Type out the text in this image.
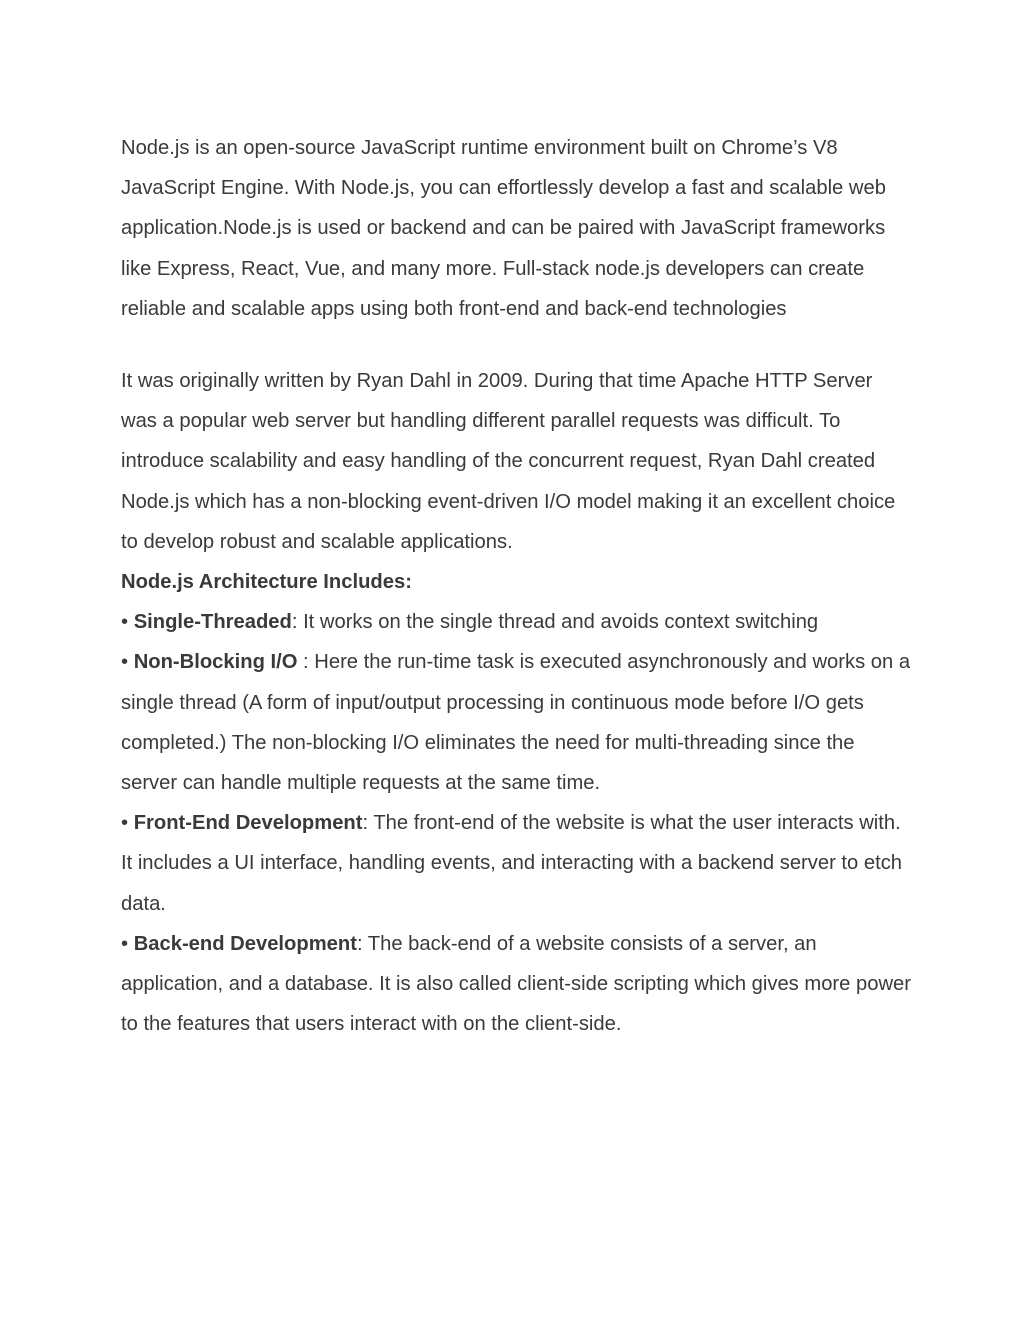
Node.js is an open-source JavaScript runtime environment built on Chrome’s V8 JavaScript Engine. With Node.js, you can effortlessly develop a fast and scalable web application.Node.js is used or backend and can be paired with JavaScript frameworks like Express, React, Vue, and many more. Full-stack node.js developers can create reliable and scalable apps using both front-end and back-end technologies

It was originally written by Ryan Dahl in 2009. During that time Apache HTTP Server was a popular web server but handling different parallel requests was difficult. To introduce scalability and easy handling of the concurrent request, Ryan Dahl created Node.js which has a non-blocking event-driven I/O model making it an excellent choice to develop robust and scalable applications.

Node.js Architecture Includes:

• Single-Threaded: It works on the single thread and avoids context switching

• Non-Blocking I/O : Here the run-time task is executed asynchronously and works on a single thread (A form of input/output processing in continuous mode before I/O gets completed.) The non-blocking I/O eliminates the need for multi-threading since the server can handle multiple requests at the same time.

• Front-End Development: The front-end of the website is what the user interacts with. It includes a UI interface, handling events, and interacting with a backend server to etch data.

• Back-end Development: The back-end of a website consists of a server, an application, and a database. It is also called client-side scripting which gives more power to the features that users interact with on the client-side.
